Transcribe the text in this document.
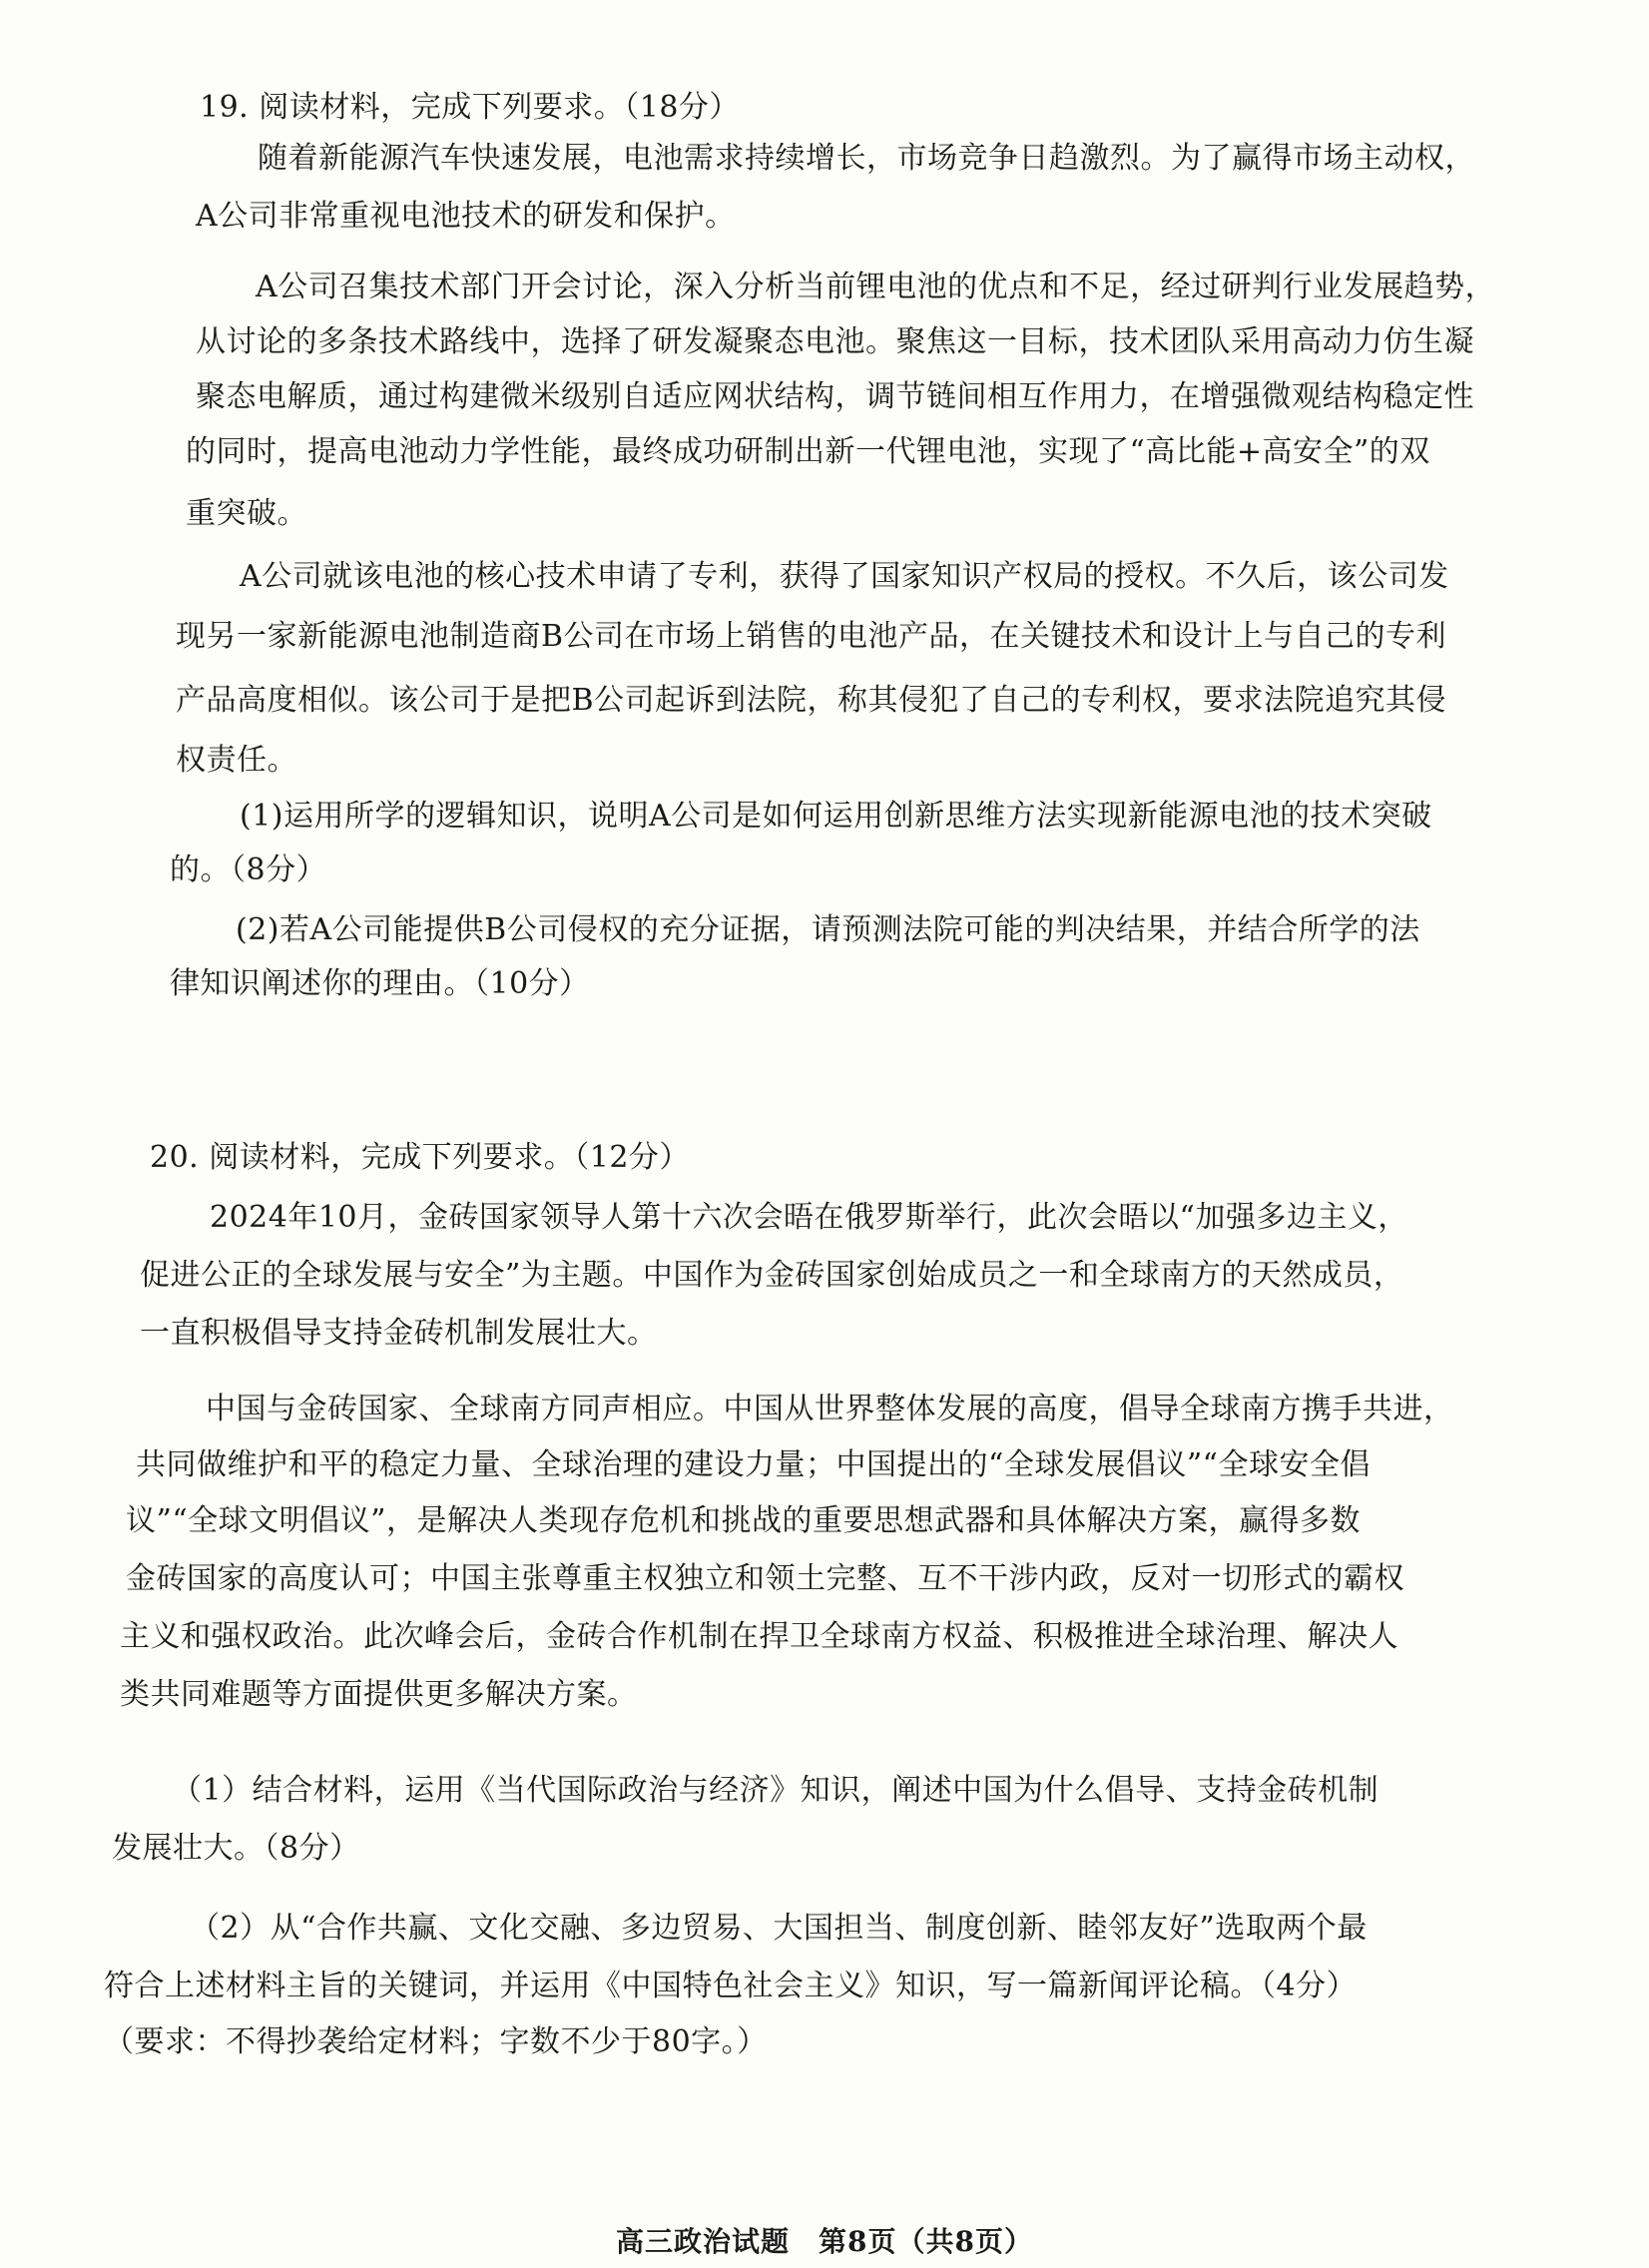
19. 阅读材料，完成下列要求。（18分）
随着新能源汽车快速发展，电池需求持续增长，市场竞争日趋激烈。为了赢得市场主动权，
A公司非常重视电池技术的研发和保护。
A公司召集技术部门开会讨论，深入分析当前锂电池的优点和不足，经过研判行业发展趋势，
从讨论的多条技术路线中，选择了研发凝聚态电池。聚焦这一目标，技术团队采用高动力仿生凝
聚态电解质，通过构建微米级别自适应网状结构，调节链间相互作用力，在增强微观结构稳定性
的同时，提高电池动力学性能，最终成功研制出新一代锂电池，实现了“高比能+高安全”的双
重突破。
A公司就该电池的核心技术申请了专利，获得了国家知识产权局的授权。不久后，该公司发
现另一家新能源电池制造商B公司在市场上销售的电池产品，在关键技术和设计上与自己的专利
产品高度相似。该公司于是把B公司起诉到法院，称其侵犯了自己的专利权，要求法院追究其侵
权责任。
(1)运用所学的逻辑知识，说明A公司是如何运用创新思维方法实现新能源电池的技术突破
的。（8分）
(2)若A公司能提供B公司侵权的充分证据，请预测法院可能的判决结果，并结合所学的法
律知识阐述你的理由。（10分）
20. 阅读材料，完成下列要求。（12分）
2024年10月，金砖国家领导人第十六次会晤在俄罗斯举行，此次会晤以“加强多边主义，
促进公正的全球发展与安全”为主题。中国作为金砖国家创始成员之一和全球南方的天然成员，
一直积极倡导支持金砖机制发展壮大。
中国与金砖国家、全球南方同声相应。中国从世界整体发展的高度，倡导全球南方携手共进，
共同做维护和平的稳定力量、全球治理的建设力量；中国提出的“全球发展倡议”“全球安全倡
议”“全球文明倡议”，是解决人类现存危机和挑战的重要思想武器和具体解决方案，赢得多数
金砖国家的高度认可；中国主张尊重主权独立和领土完整、互不干涉内政，反对一切形式的霸权
主义和强权政治。此次峰会后，金砖合作机制在捍卫全球南方权益、积极推进全球治理、解决人
类共同难题等方面提供更多解决方案。
（1）结合材料，运用《当代国际政治与经济》知识，阐述中国为什么倡导、支持金砖机制
发展壮大。（8分）
（2）从“合作共赢、文化交融、多边贸易、大国担当、制度创新、睦邻友好”选取两个最
符合上述材料主旨的关键词，并运用《中国特色社会主义》知识，写一篇新闻评论稿。（4分）
（要求：不得抄袭给定材料；字数不少于80字。）
高三政治试题　第8页（共8页）
